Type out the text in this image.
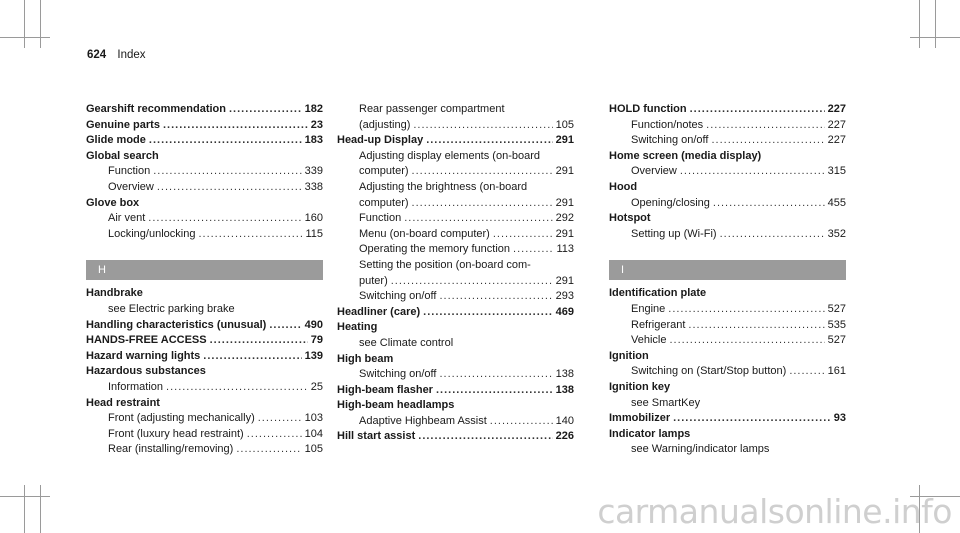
624 Index
Gearshift recommendation .....	182
Genuine parts .....	23
Glide mode .....	183
Global search
Function .....	339
Overview .....	338
Glove box
Air vent .....	160
Locking/unlocking .....	115
H
Handbrake
see Electric parking brake
Handling characteristics (unusual) .....	490
HANDS-FREE ACCESS .....	79
Hazard warning lights .....	139
Hazardous substances
Information .....	25
Head restraint
Front (adjusting mechanically) .....	103
Front (luxury head restraint) .....	104
Rear (installing/removing) .....	105
Rear passenger compartment
(adjusting) .....	105
Head-up Display .....	291
Adjusting display elements (on-board
computer) .....	291
Adjusting the brightness (on-board
computer) .....	291
Function .....	292
Menu (on-board computer) .....	291
Operating the memory function .....	113
Setting the position (on-board com-
puter) .....	291
Switching on/off .....	293
Headliner (care) .....	469
Heating
see Climate control
High beam
Switching on/off .....	138
High-beam flasher .....	138
High-beam headlamps
Adaptive Highbeam Assist .....	140
Hill start assist .....	226
HOLD function .....	227
Function/notes .....	227
Switching on/off .....	227
Home screen (media display)
Overview .....	315
Hood
Opening/closing .....	455
Hotspot
Setting up (Wi-Fi) .....	352
I
Identification plate
Engine .....	527
Refrigerant .....	535
Vehicle .....	527
Ignition
Switching on (Start/Stop button) .....	161
Ignition key
see SmartKey
Immobilizer .....	93
Indicator lamps
see Warning/indicator lamps
carmanualsonline.info
